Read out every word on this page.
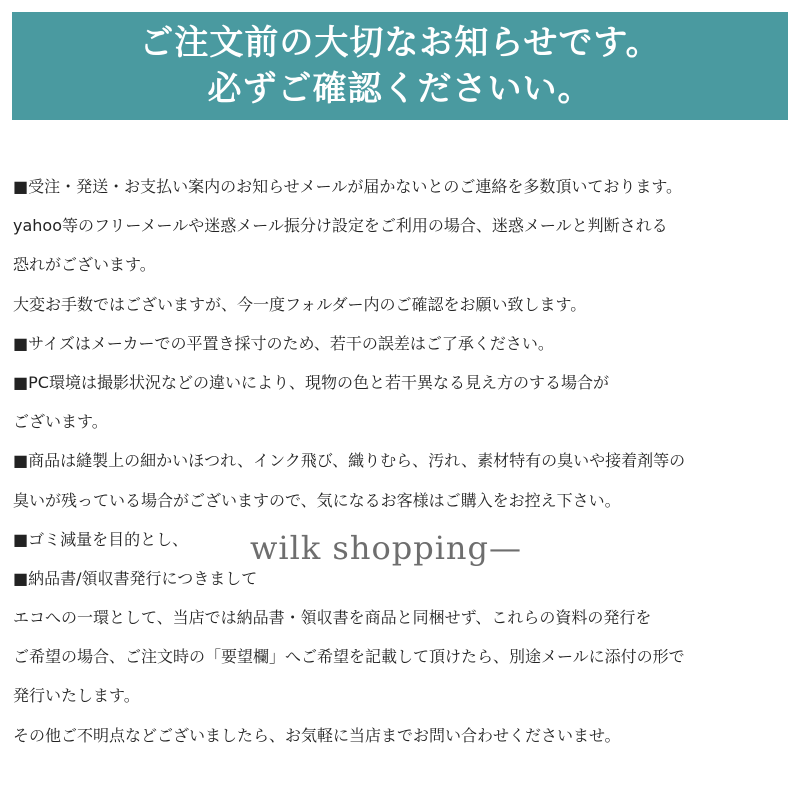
ご注文前の大切なお知らせです。
必ずご確認くださいい。
■受注・発送・お支払い案内のお知らせメールが届かないとのご連絡を多数頂いております。
yahoo等のフリーメールや迷惑メール振分け設定をご利用の場合、迷惑メールと判断される
恐れがございます。
大変お手数ではございますが、今一度フォルダー内のご確認をお願い致します。
■サイズはメーカーでの平置き採寸のため、若干の誤差はご了承ください。
■PC環境は撮影状況などの違いにより、現物の色と若干異なる見え方のする場合が
ございます。
■商品は縫製上の細かいほつれ、インク飛び、織りむら、汚れ、素材特有の臭いや接着剤等の
臭いが残っている場合がございますので、気になるお客様はご購入をお控え下さい。
■ゴミ減量を目的とし、
■納品書/領収書発行につきまして
エコへの一環として、当店では納品書・領収書を商品と同梱せず、これらの資料の発行を
ご希望の場合、ご注文時の「要望欄」へご希望を記載して頂けたら、別途メールに添付の形で
発行いたします。
その他ご不明点などございましたら、お気軽に当店までお問い合わせくださいませ。
wilk shopping—
